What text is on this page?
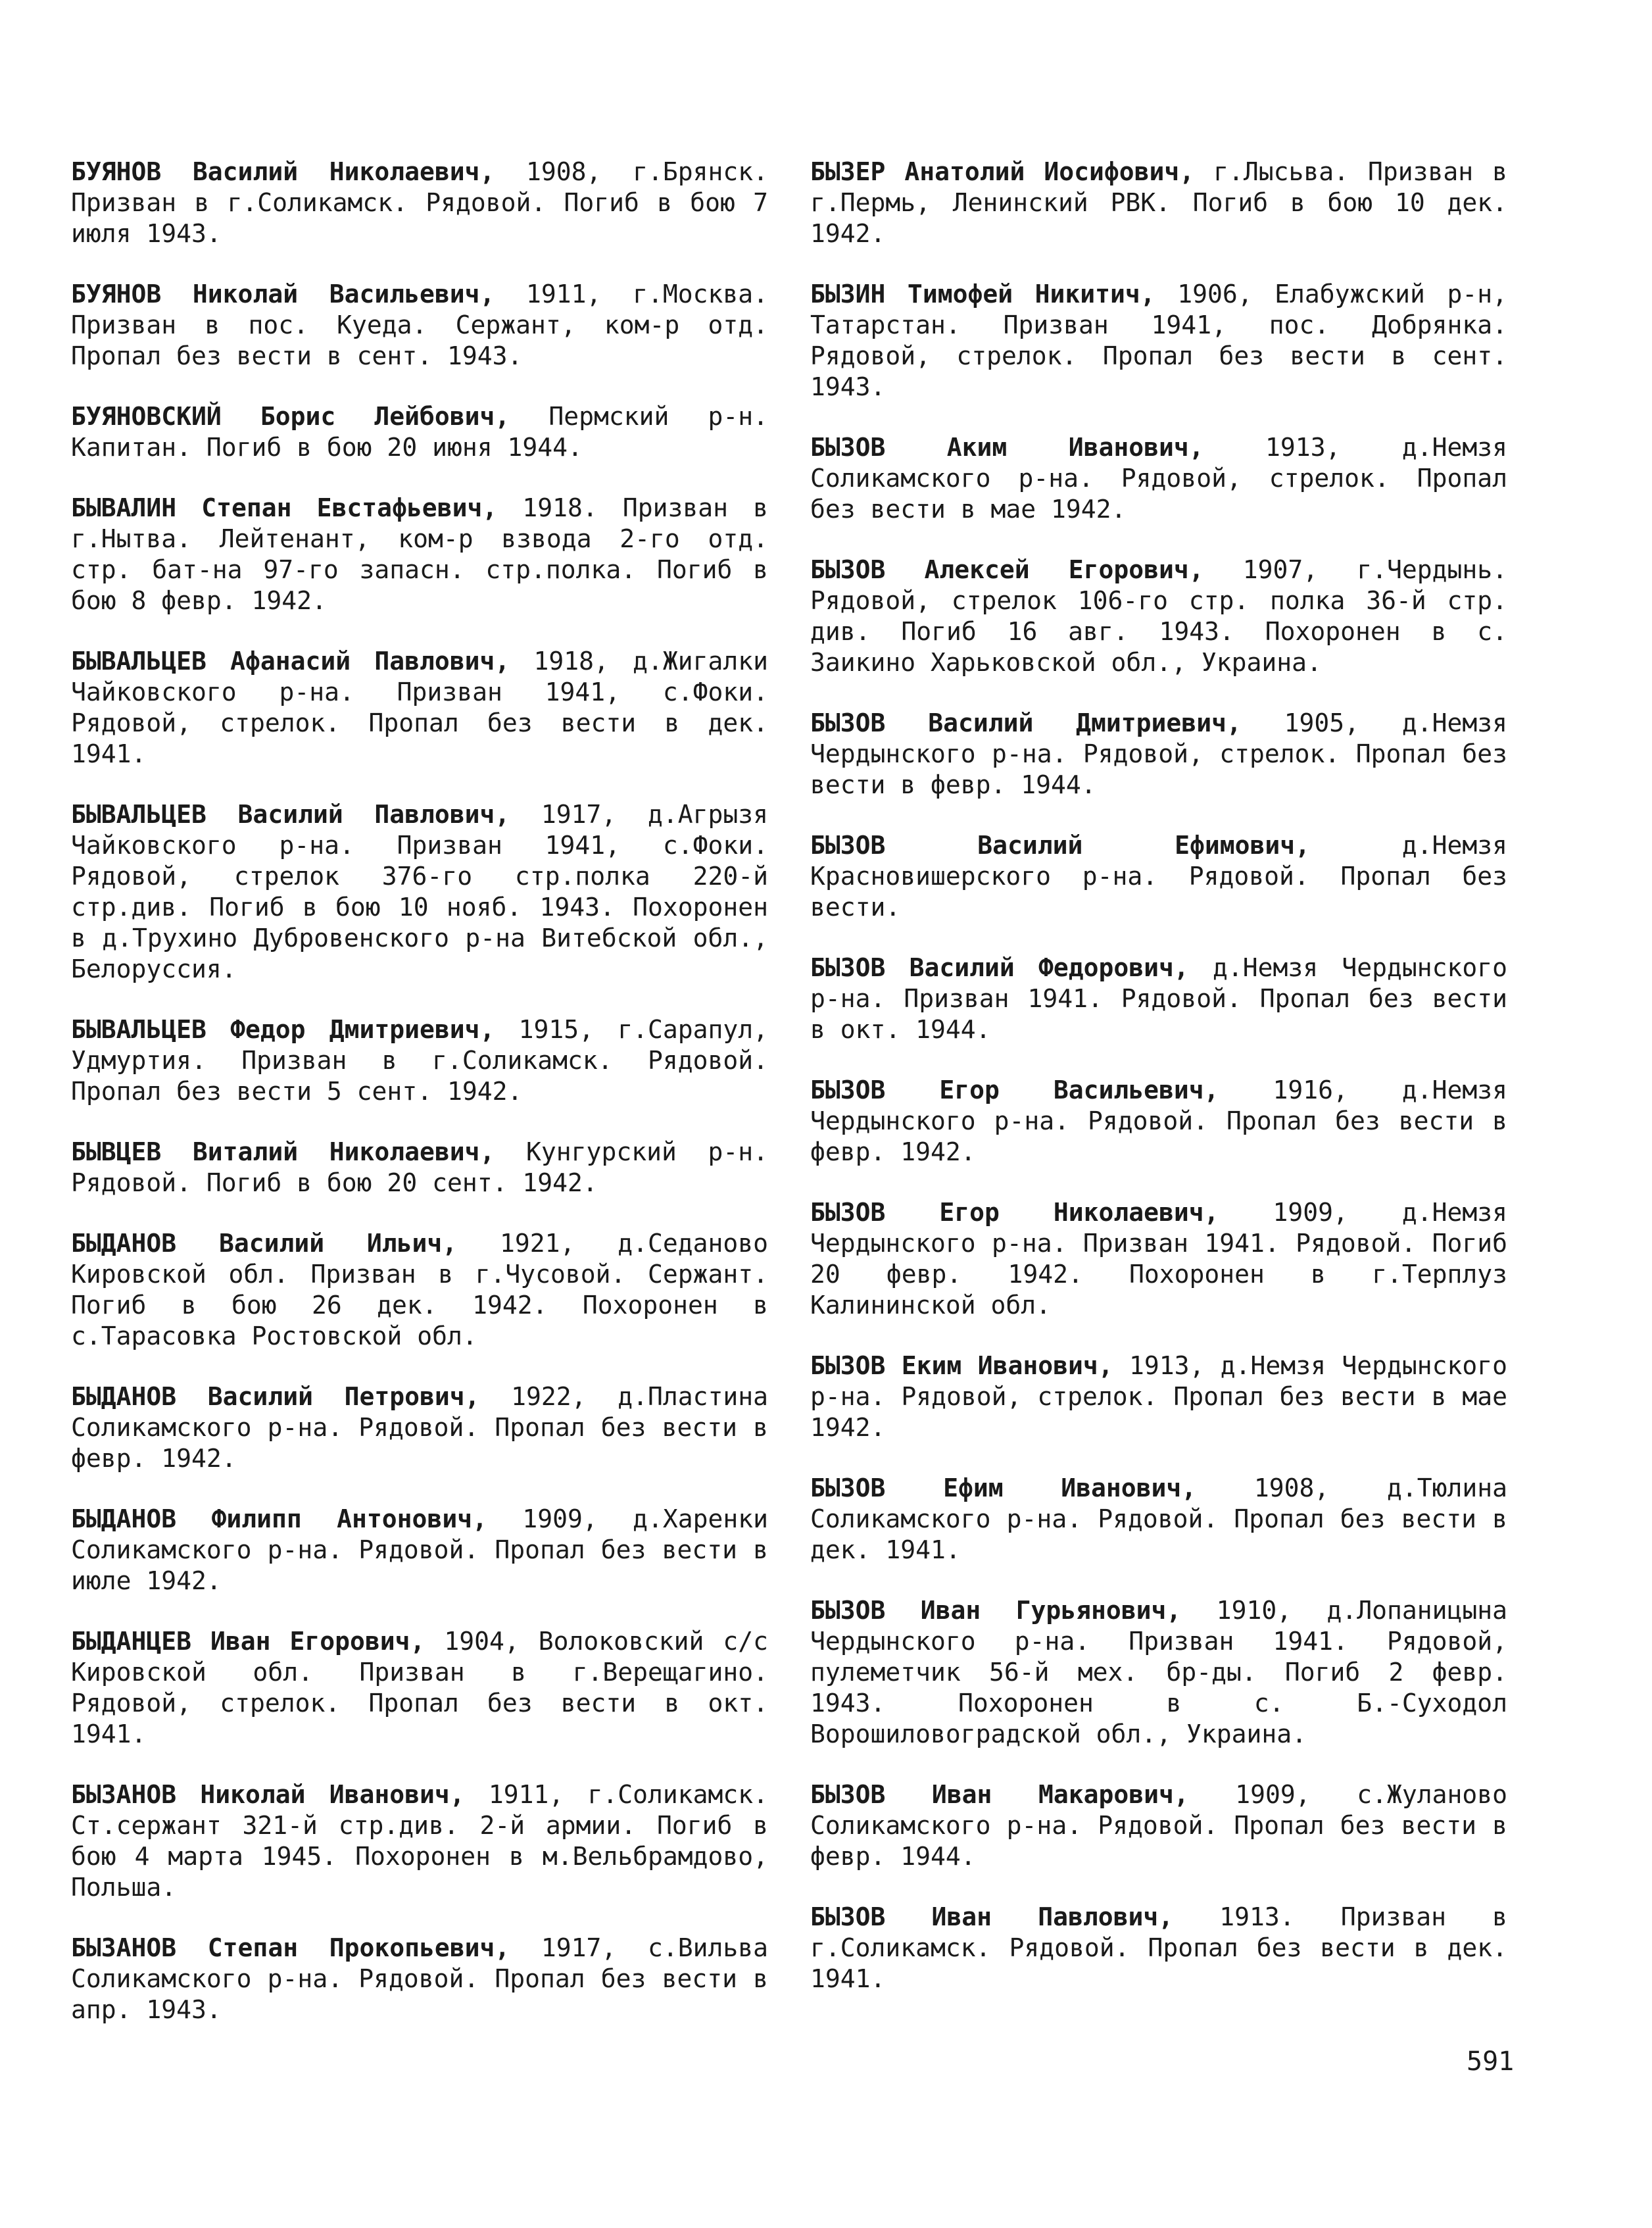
БУЯНОВ Василий Николаевич, 1908, г.Брянск. Призван в г.Соликамск. Рядовой. Погиб в бою 7 июля 1943.

БУЯНОВ Николай Васильевич, 1911, г.Москва. Призван в пос. Куеда. Сержант, ком-р отд. Пропал без вести в сент. 1943.

БУЯНОВСКИЙ Борис Лейбович, Пермский р-н. Капитан. Погиб в бою 20 июня 1944.

БЫВАЛИН Степан Евстафьевич, 1918. Призван в г.Нытва. Лейтенант, ком-р взвода 2-го отд. стр. бат-на 97-го запасн. стр.полка. Погиб в бою 8 февр. 1942.

БЫВАЛЬЦЕВ Афанасий Павлович, 1918, д.Жигалки Чайковского р-на. Призван 1941, с.Фоки. Рядовой, стрелок. Пропал без вести в дек. 1941.

БЫВАЛЬЦЕВ Василий Павлович, 1917, д.Агрызя Чайковского р-на. Призван 1941, с.Фоки. Рядовой, стрелок 376-го стр.полка 220-й стр.див. Погиб в бою 10 нояб. 1943. Похоронен в д.Трухино Дубровенского р-на Витебской обл., Белоруссия.

БЫВАЛЬЦЕВ Федор Дмитриевич, 1915, г.Сарапул, Удмуртия. Призван в г.Соликамск. Рядовой. Пропал без вести 5 сент. 1942.

БЫВЦЕВ Виталий Николаевич, Кунгурский р-н. Рядовой. Погиб в бою 20 сент. 1942.

БЫДАНОВ Василий Ильич, 1921, д.Седаново Кировской обл. Призван в г.Чусовой. Сержант. Погиб в бою 26 дек. 1942. Похоронен в с.Тарасовка Ростовской обл.

БЫДАНОВ Василий Петрович, 1922, д.Пластина Соликамского р-на. Рядовой. Пропал без вести в февр. 1942.

БЫДАНОВ Филипп Антонович, 1909, д.Харенки Соликамского р-на. Рядовой. Пропал без вести в июле 1942.

БЫДАНЦЕВ Иван Егорович, 1904, Волоковский с/с Кировской обл. Призван в г.Верещагино. Рядовой, стрелок. Пропал без вести в окт. 1941.

БЫЗАНОВ Николай Иванович, 1911, г.Соликамск. Ст.сержант 321-й стр.див. 2-й армии. Погиб в бою 4 марта 1945. Похоронен в м.Вельбрамдово, Польша.

БЫЗАНОВ Степан Прокопьевич, 1917, с.Вильва Соликамского р-на. Рядовой. Пропал без вести в апр. 1943.

БЫЗЕР Анатолий Иосифович, г.Лысьва. Призван в г.Пермь, Ленинский РВК. Погиб в бою 10 дек. 1942.

БЫЗИН Тимофей Никитич, 1906, Елабужский р-н, Татарстан. Призван 1941, пос. Добрянка. Рядовой, стрелок. Пропал без вести в сент. 1943.

БЫЗОВ Аким Иванович, 1913, д.Немзя Соликамского р-на. Рядовой, стрелок. Пропал без вести в мае 1942.

БЫЗОВ Алексей Егорович, 1907, г.Чердынь. Рядовой, стрелок 106-го стр. полка 36-й стр. див. Погиб 16 авг. 1943. Похоронен в с. Заикино Харьковской обл., Украина.

БЫЗОВ Василий Дмитриевич, 1905, д.Немзя Чердынского р-на. Рядовой, стрелок. Пропал без вести в февр. 1944.

БЫЗОВ Василий Ефимович, д.Немзя Красновишерского р-на. Рядовой. Пропал без вести.

БЫЗОВ Василий Федорович, д.Немзя Чердынского р-на. Призван 1941. Рядовой. Пропал без вести в окт. 1944.

БЫЗОВ Егор Васильевич, 1916, д.Немзя Чердынского р-на. Рядовой. Пропал без вести в февр. 1942.

БЫЗОВ Егор Николаевич, 1909, д.Немзя Чердынского р-на. Призван 1941. Рядовой. Погиб 20 февр. 1942. Похоронен в г.Терплуз Калининской обл.

БЫЗОВ Еким Иванович, 1913, д.Немзя Чердынского р-на. Рядовой, стрелок. Пропал без вести в мае 1942.

БЫЗОВ Ефим Иванович, 1908, д.Тюлина Соликамского р-на. Рядовой. Пропал без вести в дек. 1941.

БЫЗОВ Иван Гурьянович, 1910, д.Лопаницына Чердынского р-на. Призван 1941. Рядовой, пулеметчик 56-й мех. бр-ды. Погиб 2 февр. 1943. Похоронен в с. Б.-Суходол Ворошиловоградской обл., Украина.

БЫЗОВ Иван Макарович, 1909, с.Жуланово Соликамского р-на. Рядовой. Пропал без вести в февр. 1944.

БЫЗОВ Иван Павлович, 1913. Призван в г.Соликамск. Рядовой. Пропал без вести в дек. 1941.

591
